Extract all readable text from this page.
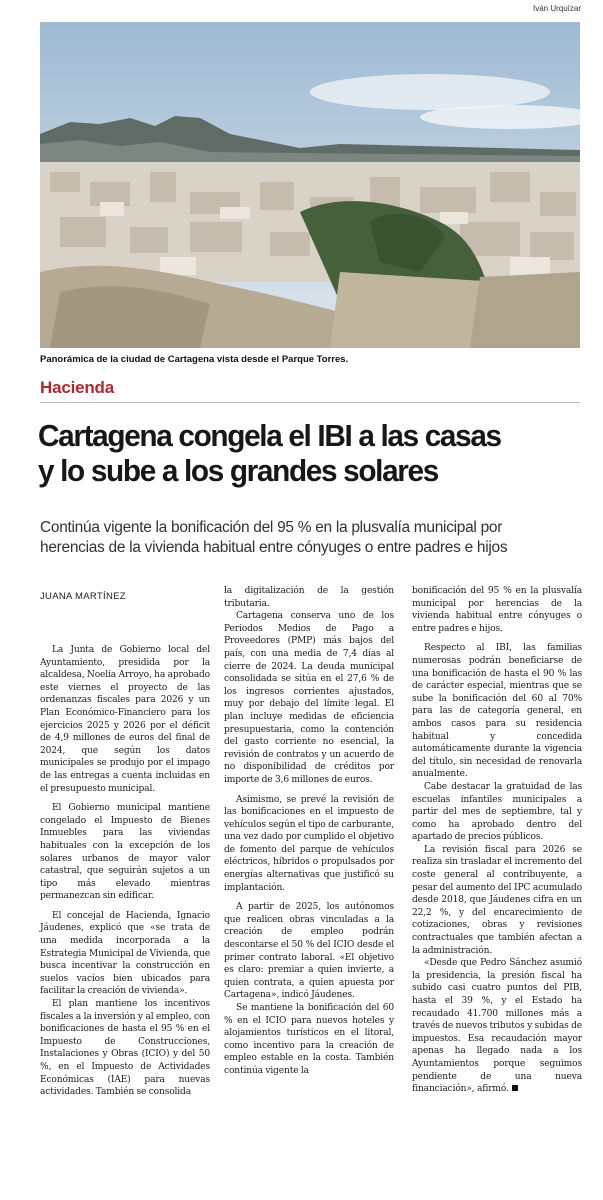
Iván Urquízar
Panorámica de la ciudad de Cartagena vista desde el Parque Torres.
Hacienda
Cartagena congela el IBI a las casas
y lo sube a los grandes solares
Continúa vigente la bonificación del 95 % en la plusvalía municipal por
herencias de la vivienda habitual entre cónyuges o entre padres e hijos
JUANA MARTÍNEZ

La Junta de Gobierno local del Ayuntamiento, presidida por la alcaldesa, Noelia Arroyo, ha aprobado este viernes el proyecto de las ordenanzas fiscales para 2026 y un Plan Económico-Financiero para los ejercicios 2025 y 2026 por el déficit de 4,9 millones de euros del final de 2024, que según los datos municipales se produjo por el impago de las entregas a cuenta incluidas en el presupuesto municipal.

El Gobierno municipal mantiene congelado el Impuesto de Bienes Inmuebles para las viviendas habituales con la excepción de los solares urbanos de mayor valor catastral, que seguirán sujetos a un tipo más elevado mientras permanezcan sin edificar.

El concejal de Hacienda, Ignacio Jáudenes, explicó que «se trata de una medida incorporada a la Estrategia Municipal de Vivienda, que busca incentivar la construcción en suelos vacíos bien ubicados para facilitar la creación de vivienda».

El plan mantiene los incentivos fiscales a la inversión y al empleo, con bonificaciones de hasta el 95 % en el Impuesto de Construcciones, Instalaciones y Obras (ICIO) y del 50 %, en el Impuesto de Actividades Económicas (IAE) para nuevas actividades. También se consolida

la digitalización de la gestión tributaria.

Cartagena conserva uno de los Periodos Medios de Pago a Proveedores (PMP) más bajos del país, con una media de 7,4 días al cierre de 2024. La deuda municipal consolidada se sitúa en el 27,6 % de los ingresos corrientes ajustados, muy por debajo del límite legal. El plan incluye medidas de eficiencia presupuestaria, como la contención del gasto corriente no esencial, la revisión de contratos y un acuerdo de no disponibilidad de créditos por importe de 3,6 millones de euros.

Asimismo, se prevé la revisión de las bonificaciones en el impuesto de vehículos según el tipo de carburante, una vez dado por cumplido el objetivo de fomento del parque de vehículos eléctricos, híbridos o propulsados por energías alternativas que justificó su implantación.

A partir de 2025, los autónomos que realicen obras vinculadas a la creación de empleo podrán descontarse el 50 % del ICIO desde el primer contrato laboral. «El objetivo es claro: premiar a quien invierte, a quien contrata, a quien apuesta por Cartagena», indicó Jáudenes.

Se mantiene la bonificación del 60 % en el ICIO para nuevos hoteles y alojamientos turísticos en el litoral, como incentivo para la creación de empleo estable en la costa. También continúa vigente la

bonificación del 95 % en la plusvalía municipal por herencias de la vivienda habitual entre cónyuges o entre padres e hijos.

Respecto al IBI, las familias numerosas podrán beneficiarse de una bonificación de hasta el 90 % las de carácter especial, mientras que se sube la bonificación del 60 al 70% para las de categoría general, en ambos casos para su residencia habitual y concedida automáticamente durante la vigencia del título, sin necesidad de renovarla anualmente.

Cabe destacar la gratuidad de las escuelas infantiles municipales a partir del mes de septiembre, tal y como ha aprobado dentro del apartado de precios públicos.

La revisión fiscal para 2026 se realiza sin trasladar el incremento del coste general al contribuyente, a pesar del aumento del IPC acumulado desde 2018, que Jáudenes cifra en un 22,2 %, y del encarecimiento de cotizaciones, obras y revisiones contractuales que también afectan a la administración.

«Desde que Pedro Sánchez asumió la presidencia, la presión fiscal ha subido casi cuatro puntos del PIB, hasta el 39 %, y el Estado ha recaudado 41.700 millones más a través de nuevos tributos y subidas de impuestos. Esa recaudación mayor apenas ha llegado nada a los Ayuntamientos porque seguimos pendiente de una nueva financiación», afirmó.
